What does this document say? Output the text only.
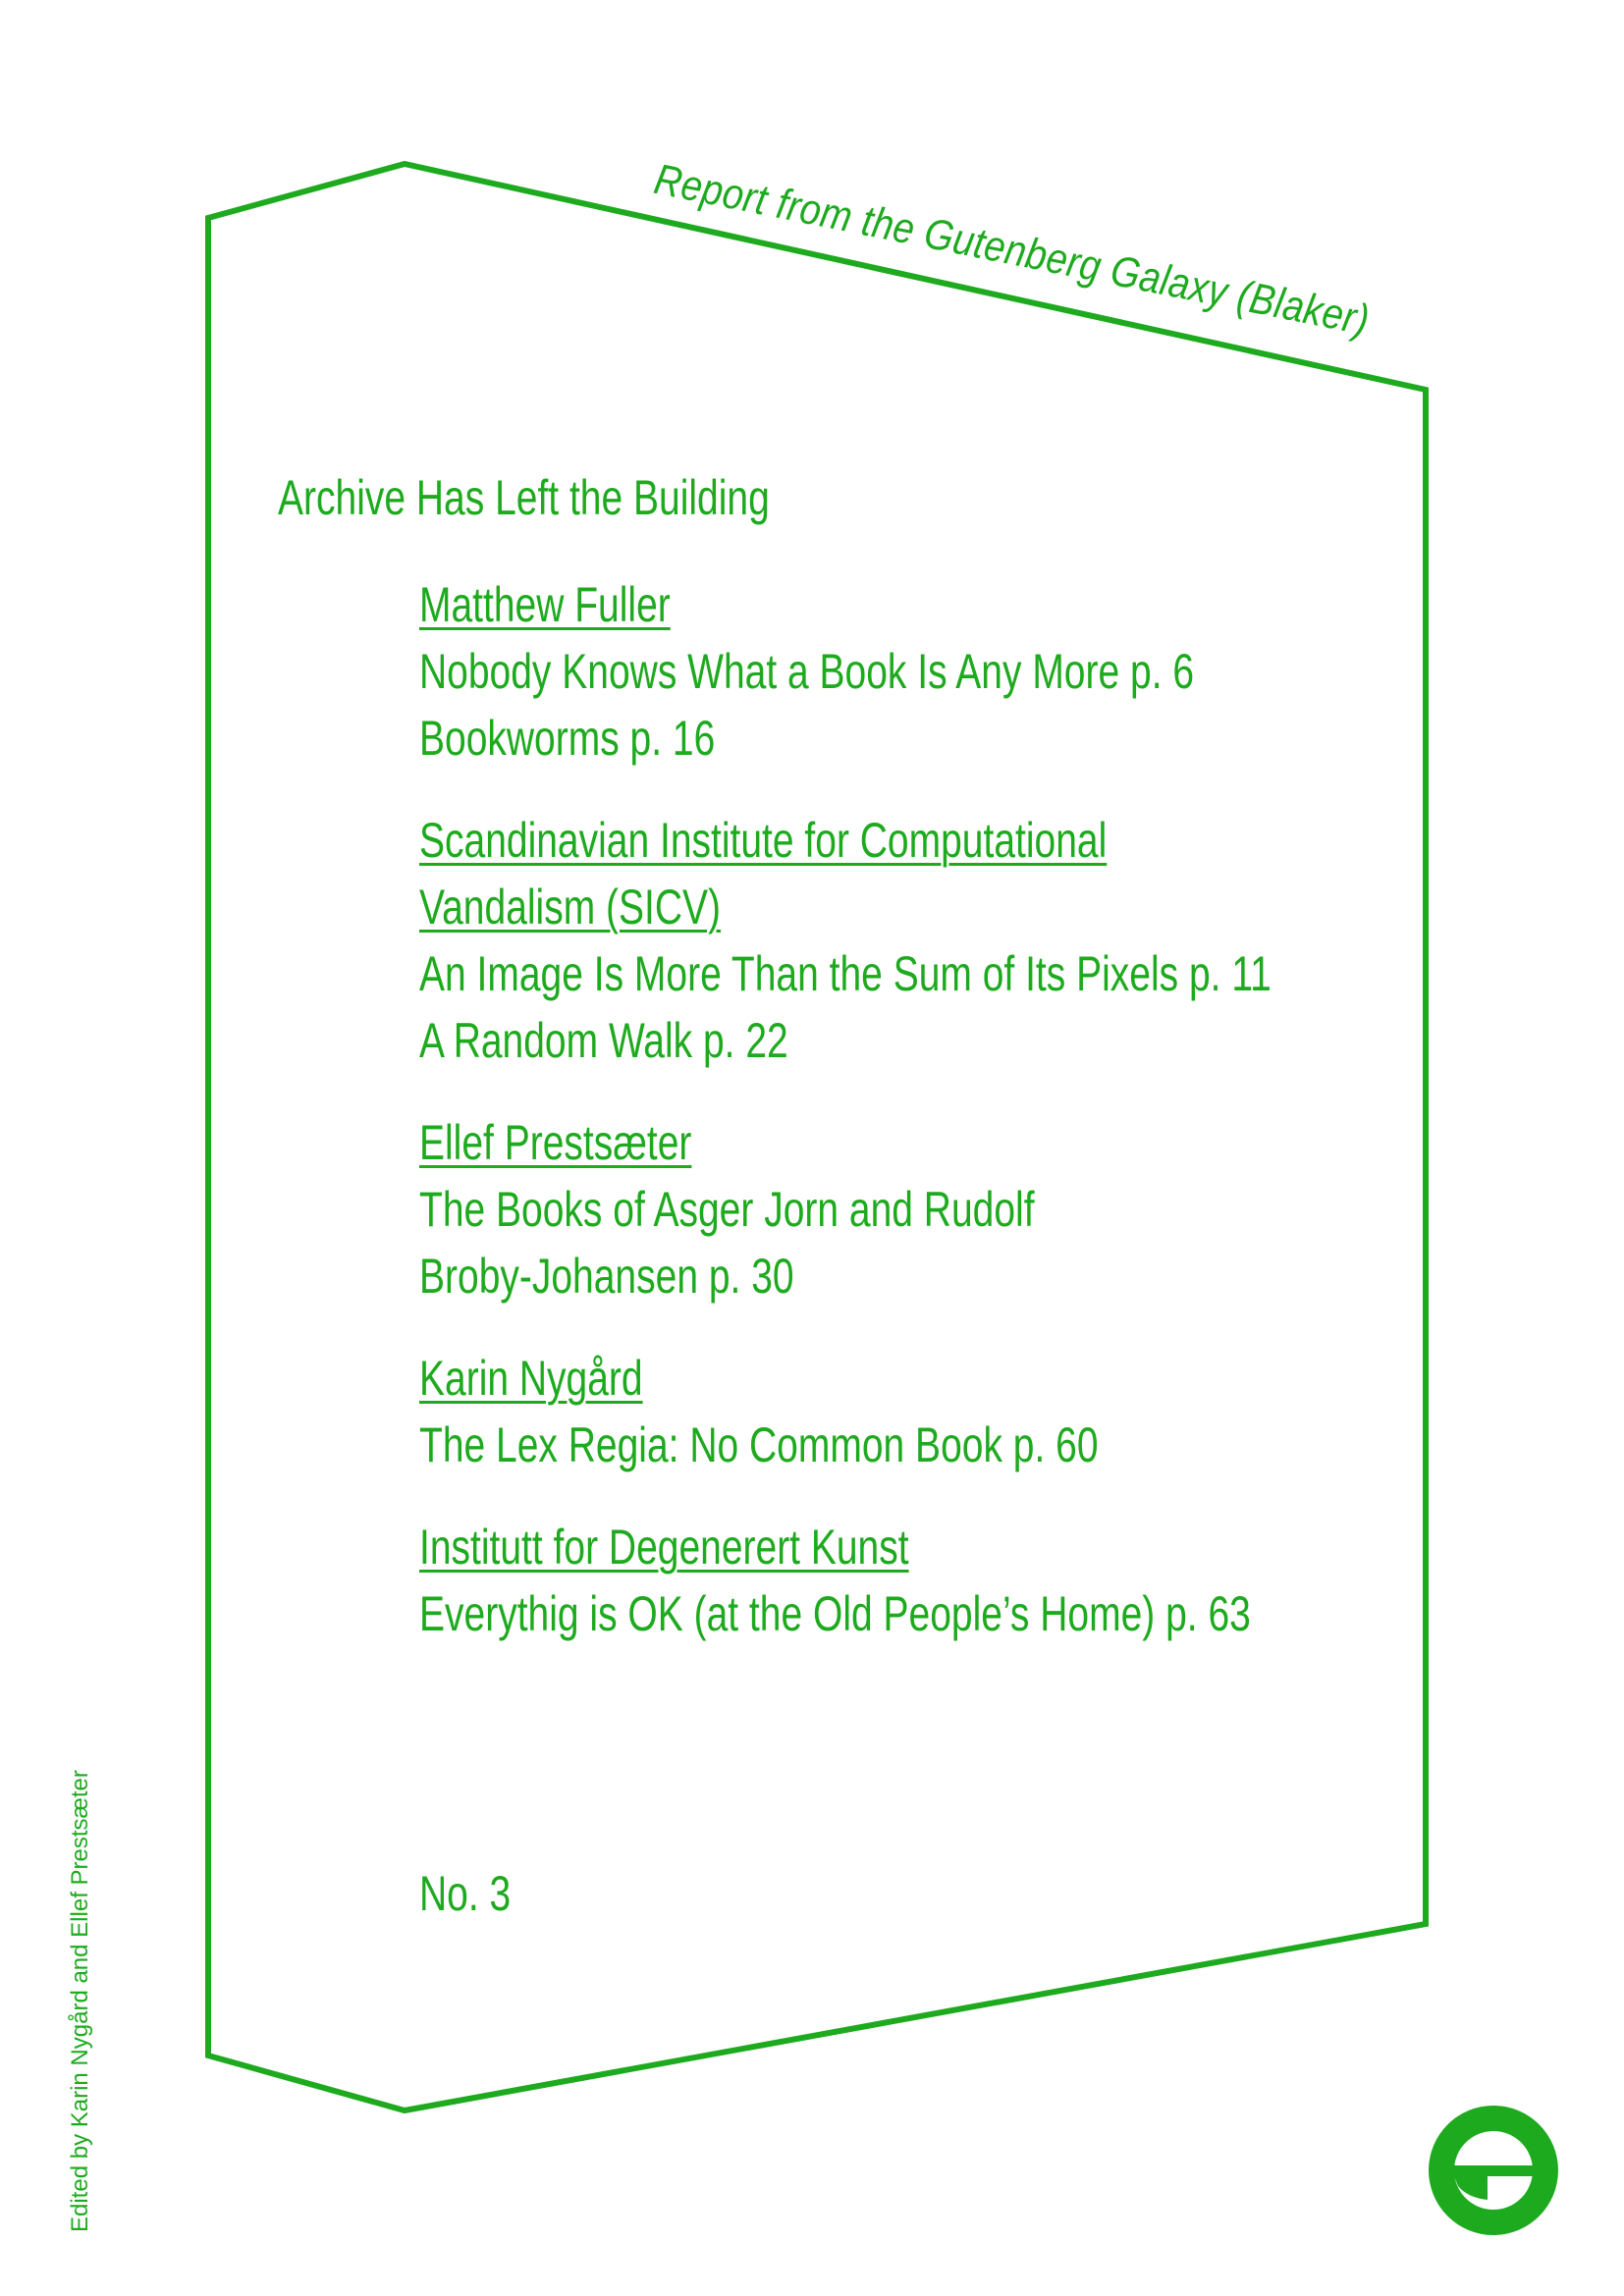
Report from the Gutenberg Galaxy (Blaker)
Archive Has Left the Building
Matthew Fuller
Nobody Knows What a Book Is Any More p. 6
Bookworms p. 16
Scandinavian Institute for Computational
Vandalism (SICV)
An Image Is More Than the Sum of Its Pixels p. 11
A Random Walk p. 22
Ellef Prestsæter
The Books of Asger Jorn and Rudolf
Broby-Johansen p. 30
Karin Nygård
The Lex Regia: No Common Book p. 60
Institutt for Degenerert Kunst
Everythig is OK (at the Old People’s Home) p. 63
No. 3
Edited by Karin Nygård and Ellef Prestsæter
